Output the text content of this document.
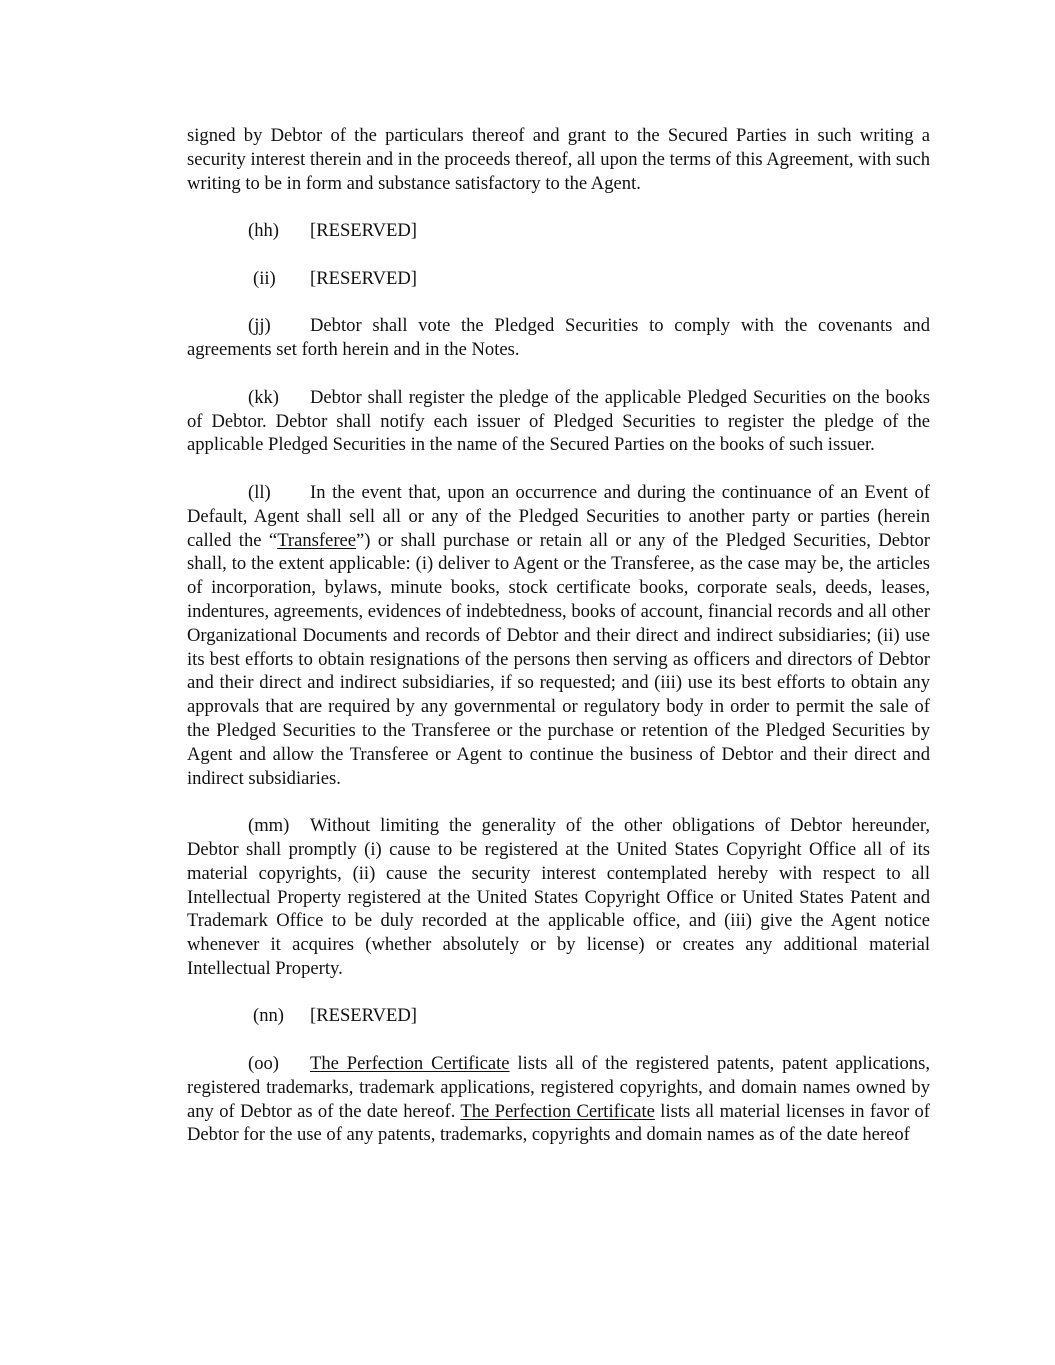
signed by Debtor of the particulars thereof and grant to the Secured Parties in such writing a security interest therein and in the proceeds thereof, all upon the terms of this Agreement, with such writing to be in form and substance satisfactory to the Agent.

(hh) [RESERVED]

(ii) [RESERVED]

(jj) Debtor shall vote the Pledged Securities to comply with the covenants and agreements set forth herein and in the Notes.

(kk) Debtor shall register the pledge of the applicable Pledged Securities on the books of Debtor. Debtor shall notify each issuer of Pledged Securities to register the pledge of the applicable Pledged Securities in the name of the Secured Parties on the books of such issuer.

(ll) In the event that, upon an occurrence and during the continuance of an Event of Default, Agent shall sell all or any of the Pledged Securities to another party or parties (herein called the “Transferee”) or shall purchase or retain all or any of the Pledged Securities, Debtor shall, to the extent applicable: (i) deliver to Agent or the Transferee, as the case may be, the articles of incorporation, bylaws, minute books, stock certificate books, corporate seals, deeds, leases, indentures, agreements, evidences of indebtedness, books of account, financial records and all other Organizational Documents and records of Debtor and their direct and indirect subsidiaries; (ii) use its best efforts to obtain resignations of the persons then serving as officers and directors of Debtor and their direct and indirect subsidiaries, if so requested; and (iii) use its best efforts to obtain any approvals that are required by any governmental or regulatory body in order to permit the sale of the Pledged Securities to the Transferee or the purchase or retention of the Pledged Securities by Agent and allow the Transferee or Agent to continue the business of Debtor and their direct and indirect subsidiaries.

(mm) Without limiting the generality of the other obligations of Debtor hereunder, Debtor shall promptly (i) cause to be registered at the United States Copyright Office all of its material copyrights, (ii) cause the security interest contemplated hereby with respect to all Intellectual Property registered at the United States Copyright Office or United States Patent and Trademark Office to be duly recorded at the applicable office, and (iii) give the Agent notice whenever it acquires (whether absolutely or by license) or creates any additional material Intellectual Property.

(nn) [RESERVED]

(oo) The Perfection Certificate lists all of the registered patents, patent applications, registered trademarks, trademark applications, registered copyrights, and domain names owned by any of Debtor as of the date hereof. The Perfection Certificate lists all material licenses in favor of Debtor for the use of any patents, trademarks, copyrights and domain names as of the date hereof
